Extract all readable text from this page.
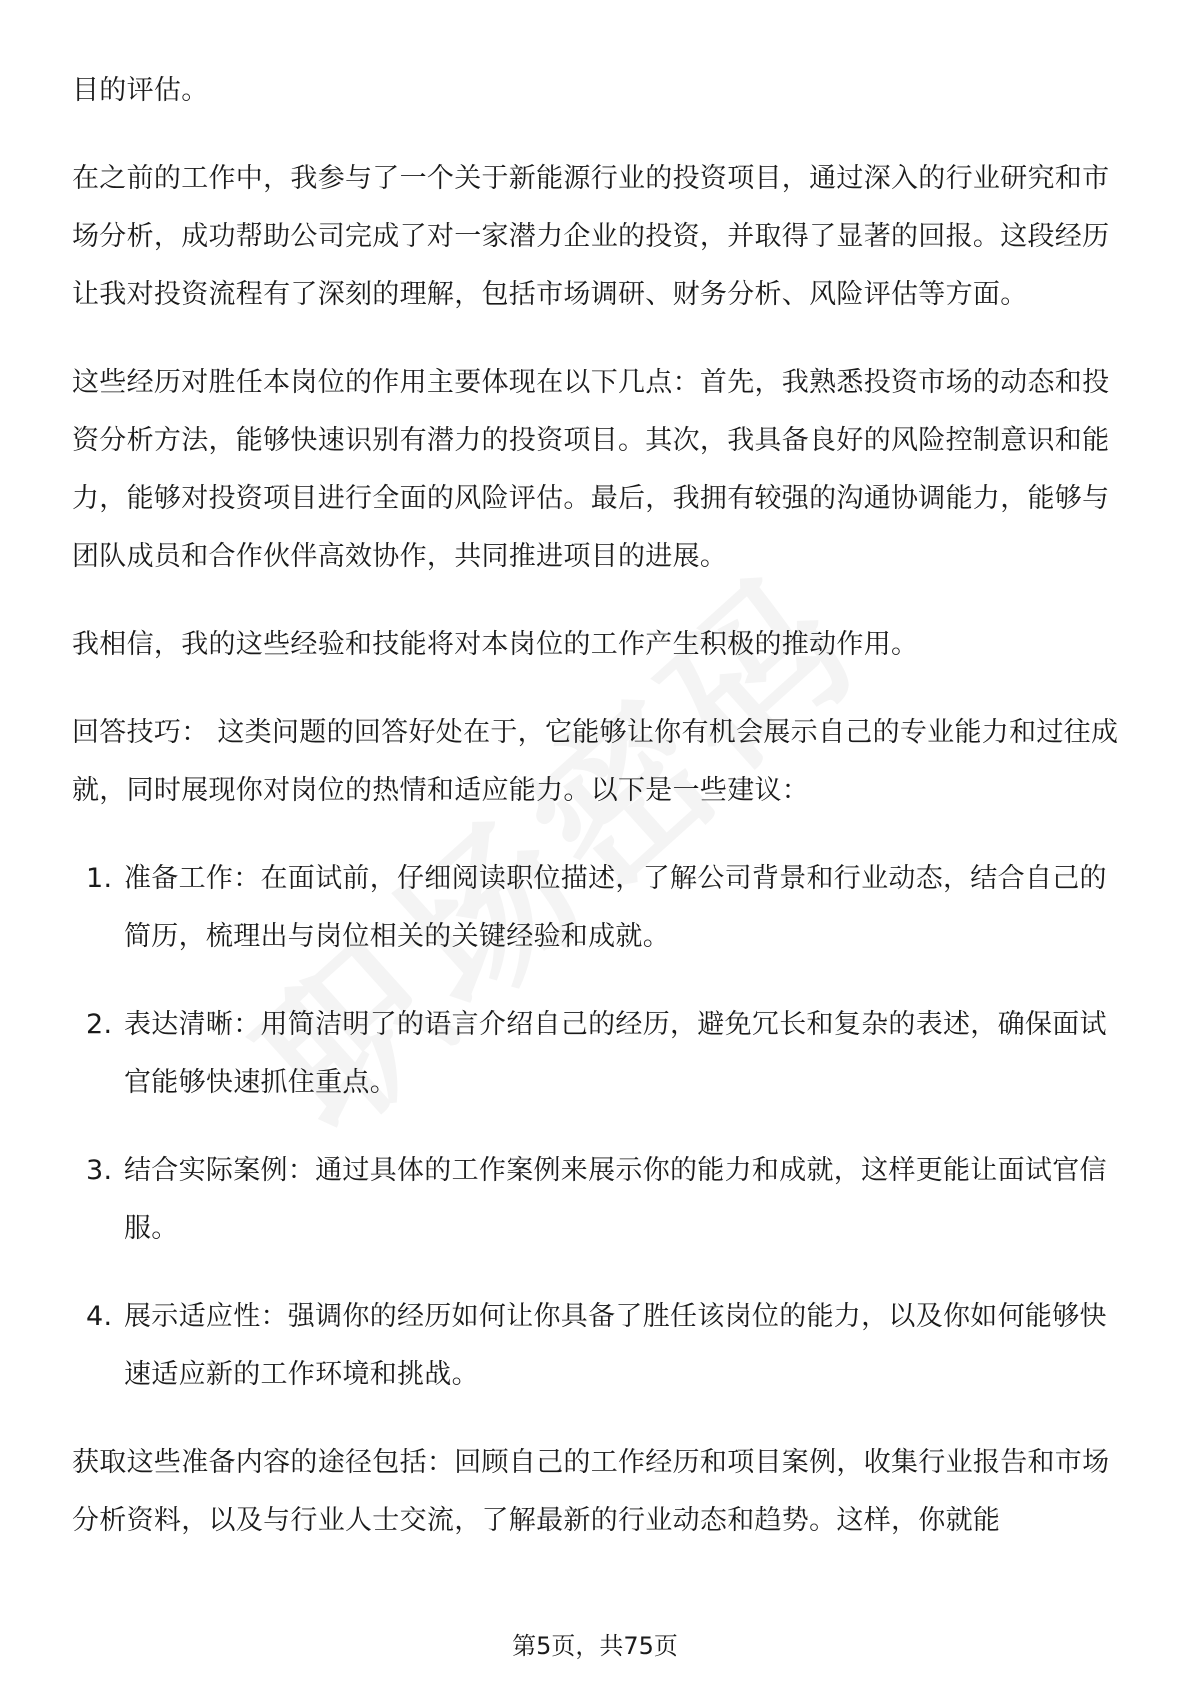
目的评估。

在之前的工作中，我参与了一个关于新能源行业的投资项目，通过深入的行业研究和市场分析，成功帮助公司完成了对一家潜力企业的投资，并取得了显著的回报。这段经历让我对投资流程有了深刻的理解，包括市场调研、财务分析、风险评估等方面。

这些经历对胜任本岗位的作用主要体现在以下几点：首先，我熟悉投资市场的动态和投资分析方法，能够快速识别有潜力的投资项目。其次，我具备良好的风险控制意识和能力，能够对投资项目进行全面的风险评估。最后，我拥有较强的沟通协调能力，能够与团队成员和合作伙伴高效协作，共同推进项目的进展。

我相信，我的这些经验和技能将对本岗位的工作产生积极的推动作用。

回答技巧： 这类问题的回答好处在于，它能够让你有机会展示自己的专业能力和过往成就，同时展现你对岗位的热情和适应能力。以下是一些建议：

1. 准备工作：在面试前，仔细阅读职位描述，了解公司背景和行业动态，结合自己的简历，梳理出与岗位相关的关键经验和成就。
2. 表达清晰：用简洁明了的语言介绍自己的经历，避免冗长和复杂的表述，确保面试官能够快速抓住重点。
3. 结合实际案例：通过具体的工作案例来展示你的能力和成就，这样更能让面试官信服。
4. 展示适应性：强调你的经历如何让你具备了胜任该岗位的能力，以及你如何能够快速适应新的工作环境和挑战。

获取这些准备内容的途径包括：回顾自己的工作经历和项目案例，收集行业报告和市场分析资料，以及与行业人士交流，了解最新的行业动态和趋势。这样，你就能

第5页，共75页
